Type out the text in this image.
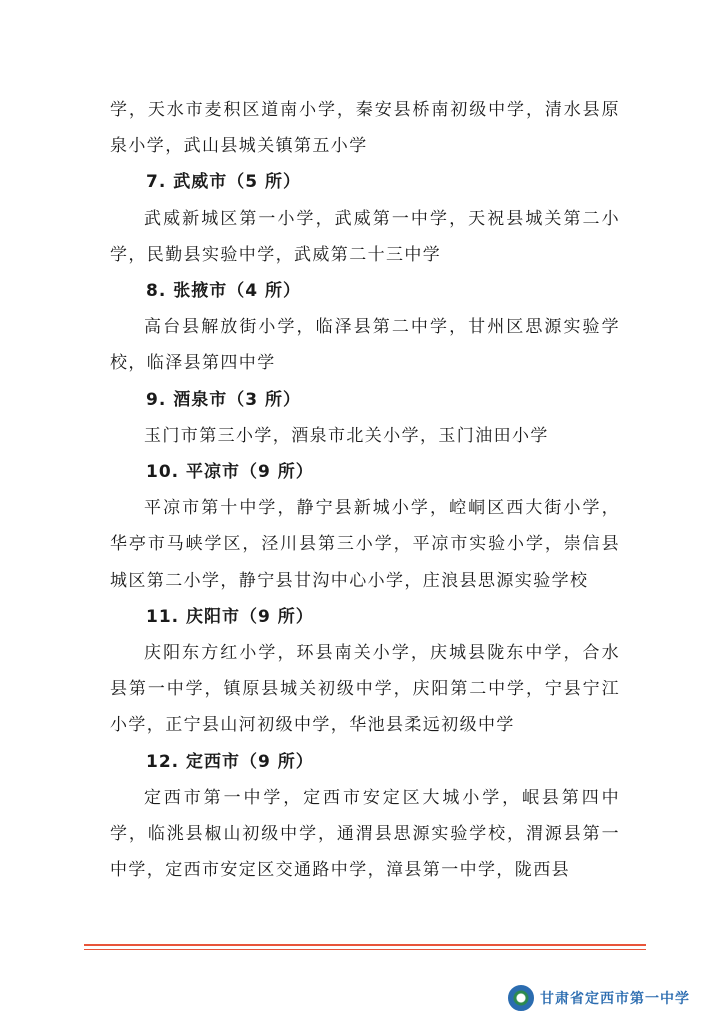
学，天水市麦积区道南小学，秦安县桥南初级中学，清水县原泉小学，武山县城关镇第五小学

7. 武威市（5 所）

武威新城区第一小学，武威第一中学，天祝县城关第二小学，民勤县实验中学，武威第二十三中学

8. 张掖市（4 所）

高台县解放街小学，临泽县第二中学，甘州区思源实验学校，临泽县第四中学

9. 酒泉市（3 所）

玉门市第三小学，酒泉市北关小学，玉门油田小学

10. 平凉市（9 所）

平凉市第十中学，静宁县新城小学，崆峒区西大街小学，华亭市马峡学区，泾川县第三小学，平凉市实验小学，崇信县城区第二小学，静宁县甘沟中心小学，庄浪县思源实验学校

11. 庆阳市（9 所）

庆阳东方红小学，环县南关小学，庆城县陇东中学，合水县第一中学，镇原县城关初级中学，庆阳第二中学，宁县宁江小学，正宁县山河初级中学，华池县柔远初级中学

12. 定西市（9 所）

定西市第一中学，定西市安定区大城小学，岷县第四中学，临洮县椒山初级中学，通渭县思源实验学校，渭源县第一中学，定西市安定区交通路中学，漳县第一中学，陇西县

甘肃省定西市第一中学
